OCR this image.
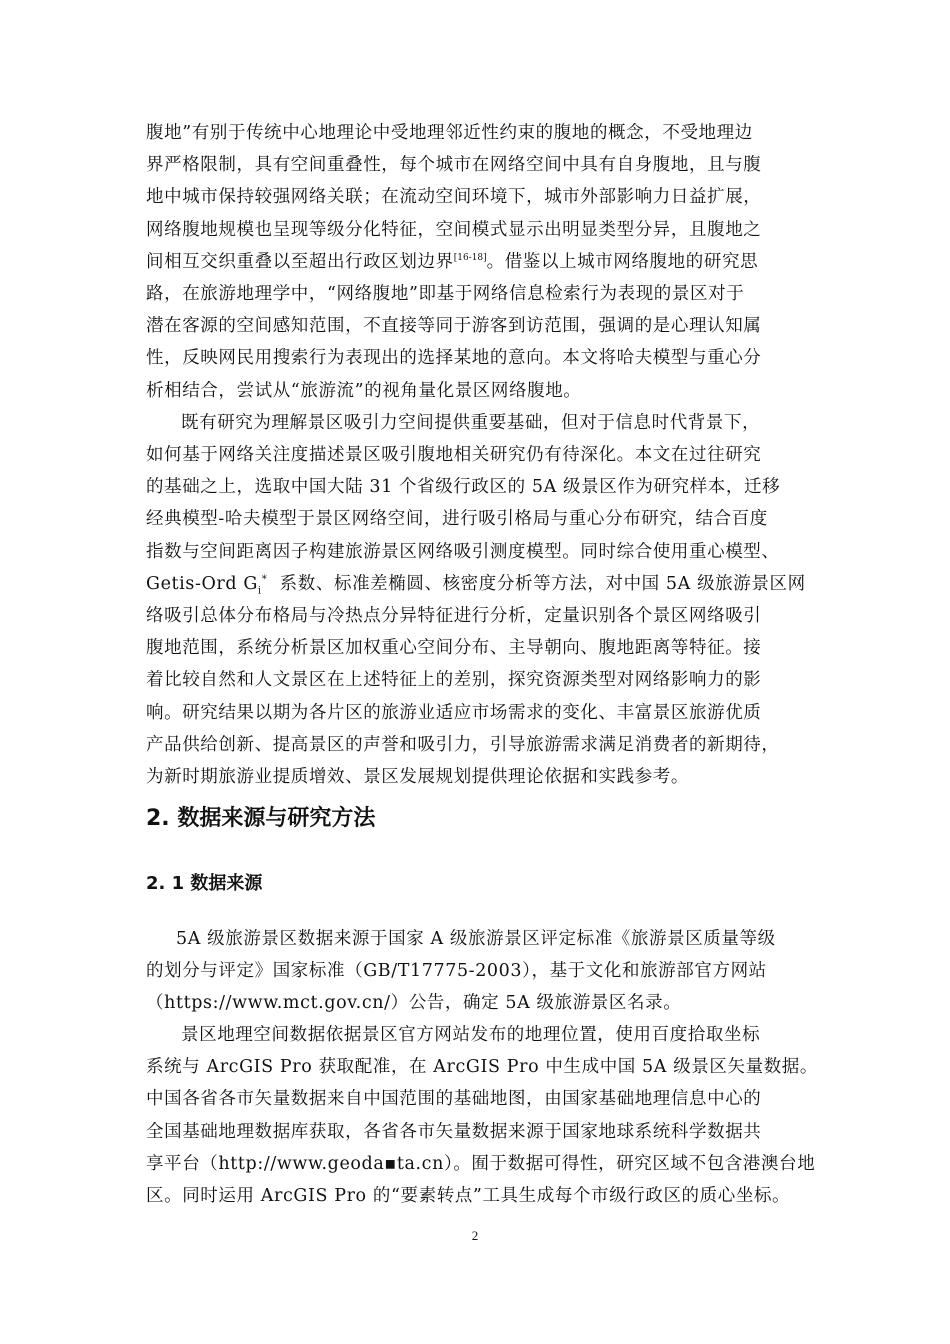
腹地”有别于传统中心地理论中受地理邻近性约束的腹地的概念，不受地理边
界严格限制，具有空间重叠性，每个城市在网络空间中具有自身腹地，且与腹
地中城市保持较强网络关联；在流动空间环境下，城市外部影响力日益扩展，
网络腹地规模也呈现等级分化特征，空间模式显示出明显类型分异，且腹地之
间相互交织重叠以至超出行政区划边界[16-18]。借鉴以上城市网络腹地的研究思
路，在旅游地理学中，“网络腹地”即基于网络信息检索行为表现的景区对于
潜在客源的空间感知范围，不直接等同于游客到访范围，强调的是心理认知属
性，反映网民用搜索行为表现出的选择某地的意向。本文将哈夫模型与重心分
析相结合，尝试从“旅游流”的视角量化景区网络腹地。

既有研究为理解景区吸引力空间提供重要基础，但对于信息时代背景下，
如何基于网络关注度描述景区吸引腹地相关研究仍有待深化。本文在过往研究
的基础之上，选取中国大陆 31 个省级行政区的 5A 级景区作为研究样本，迁移
经典模型-哈夫模型于景区网络空间，进行吸引格局与重心分布研究，结合百度
指数与空间距离因子构建旅游景区网络吸引测度模型。同时综合使用重心模型、
Getis-Ord $G_i^*$ 系数、标准差椭圆、核密度分析等方法，对中国 5A 级旅游景区网
络吸引总体分布格局与冷热点分异特征进行分析，定量识别各个景区网络吸引
腹地范围，系统分析景区加权重心空间分布、主导朝向、腹地距离等特征。接
着比较自然和人文景区在上述特征上的差别，探究资源类型对网络影响力的影
响。研究结果以期为各片区的旅游业适应市场需求的变化、丰富景区旅游优质
产品供给创新、提高景区的声誉和吸引力，引导旅游需求满足消费者的新期待，
为新时期旅游业提质增效、景区发展规划提供理论依据和实践参考。

2. 数据来源与研究方法
2. 1 数据来源

5A 级旅游景区数据来源于国家 A 级旅游景区评定标准《旅游景区质量等级
的划分与评定》国家标准（GB/T17775-2003），基于文化和旅游部官方网站
（https://www.mct.gov.cn/）公告，确定 5A 级旅游景区名录。

景区地理空间数据依据景区官方网站发布的地理位置，使用百度拾取坐标
系统与 ArcGIS Pro 获取配准，在 ArcGIS Pro 中生成中国 5A 级景区矢量数据。
中国各省各市矢量数据来自中国范围的基础地图，由国家基础地理信息中心的
全国基础地理数据库获取，各省各市矢量数据来源于国家地球系统科学数据共
享平台（http://www.geoda▪ta.cn）。囿于数据可得性，研究区域不包含港澳台地
区。同时运用 ArcGIS Pro 的“要素转点”工具生成每个市级行政区的质心坐标。

2
